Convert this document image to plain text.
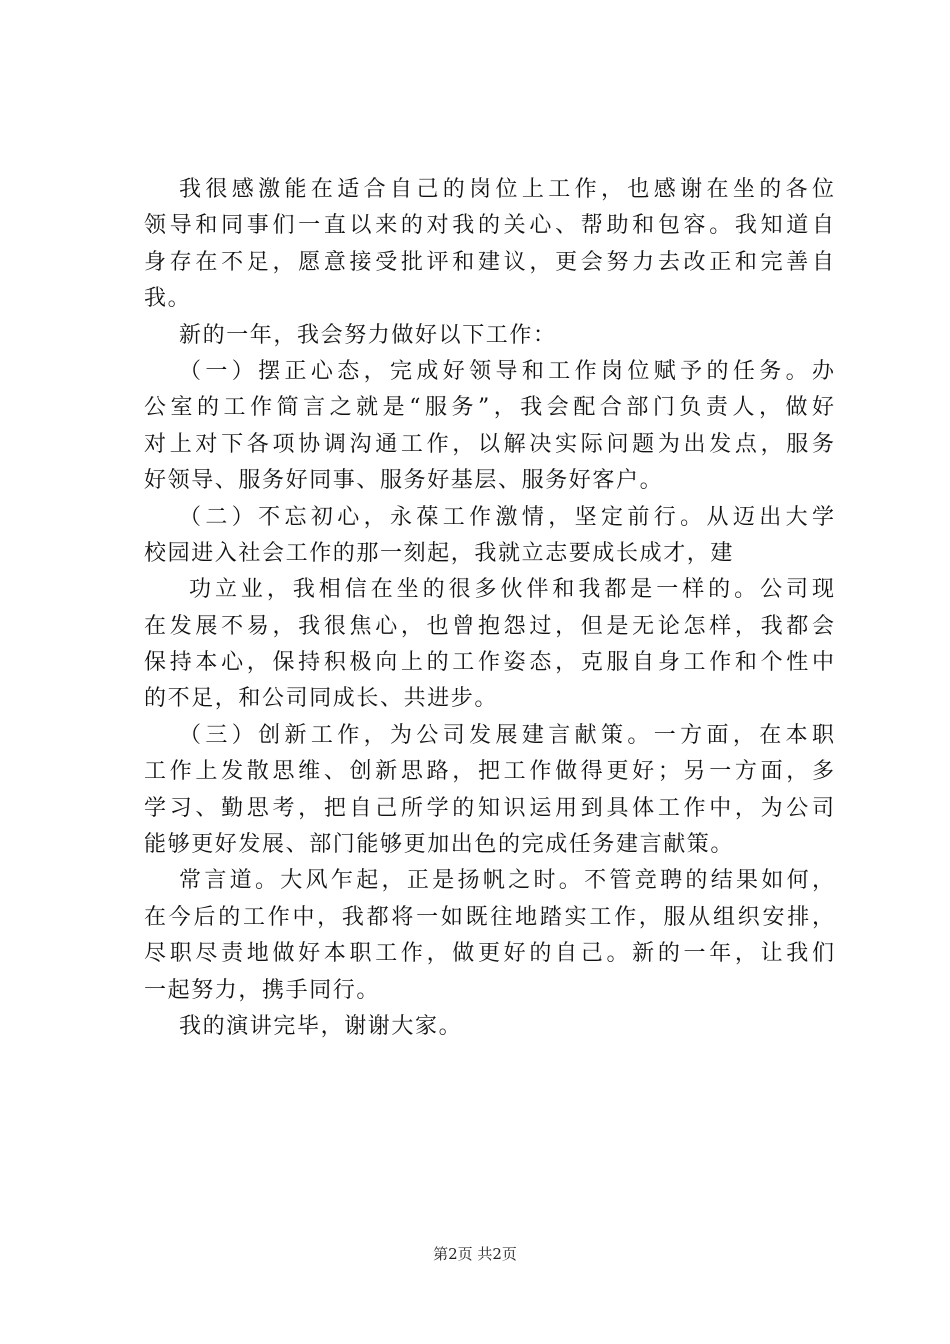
我很感激能在适合自己的岗位上工作，也感谢在坐的各位
领导和同事们一直以来的对我的关心、帮助和包容。我知道自
身存在不足，愿意接受批评和建议，更会努力去改正和完善自
我。
新的一年，我会努力做好以下工作：
（一）摆正心态，完成好领导和工作岗位赋予的任务。办
公室的工作简言之就是“服务”，我会配合部门负责人，做好
对上对下各项协调沟通工作，以解决实际问题为出发点，服务
好领导、服务好同事、服务好基层、服务好客户。
（二）不忘初心，永葆工作激情，坚定前行。从迈出大学
校园进入社会工作的那一刻起，我就立志要成长成才，建
功立业，我相信在坐的很多伙伴和我都是一样的。公司现
在发展不易，我很焦心，也曾抱怨过，但是无论怎样，我都会
保持本心，保持积极向上的工作姿态，克服自身工作和个性中
的不足，和公司同成长、共进步。
（三）创新工作，为公司发展建言献策。一方面，在本职
工作上发散思维、创新思路，把工作做得更好；另一方面，多
学习、勤思考，把自己所学的知识运用到具体工作中，为公司
能够更好发展、部门能够更加出色的完成任务建言献策。
常言道。大风乍起，正是扬帆之时。不管竞聘的结果如何，
在今后的工作中，我都将一如既往地踏实工作，服从组织安排，
尽职尽责地做好本职工作，做更好的自己。新的一年，让我们
一起努力，携手同行。
我的演讲完毕，谢谢大家。
第2页 共2页
